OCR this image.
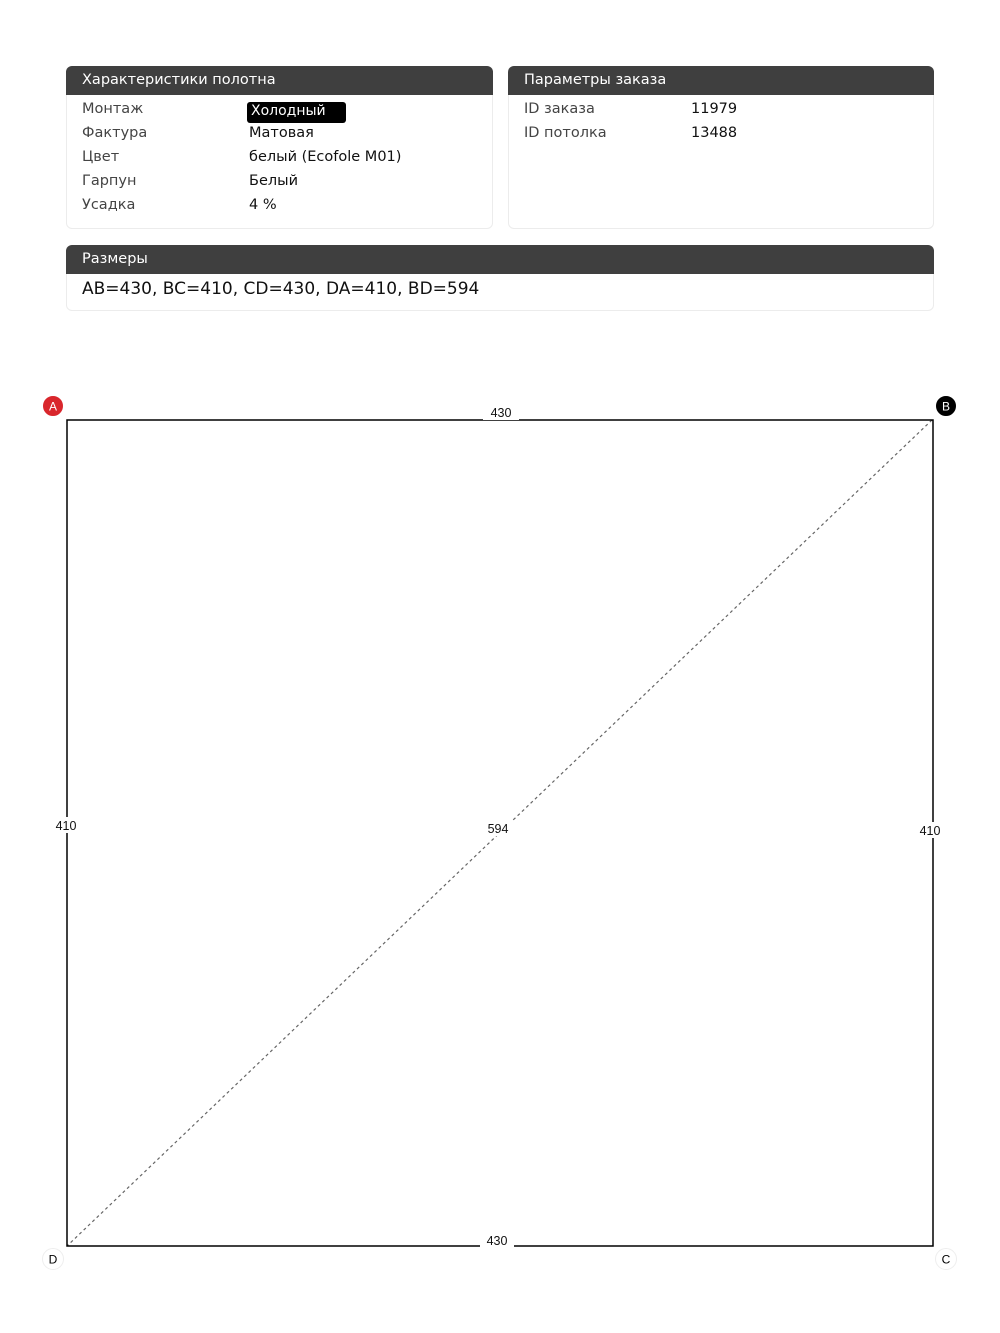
Характеристики полотна
Монтаж	Холодный
Фактура	Матовая
Цвет	белый (Ecofole M01)
Гарпун	Белый
Усадка	4 %
Параметры заказа
ID заказа	11979
ID потолка	13488
Размеры
AB=430, BC=410, CD=430, DA=410, BD=594
430
430
410	410
594
A	B
C
D
